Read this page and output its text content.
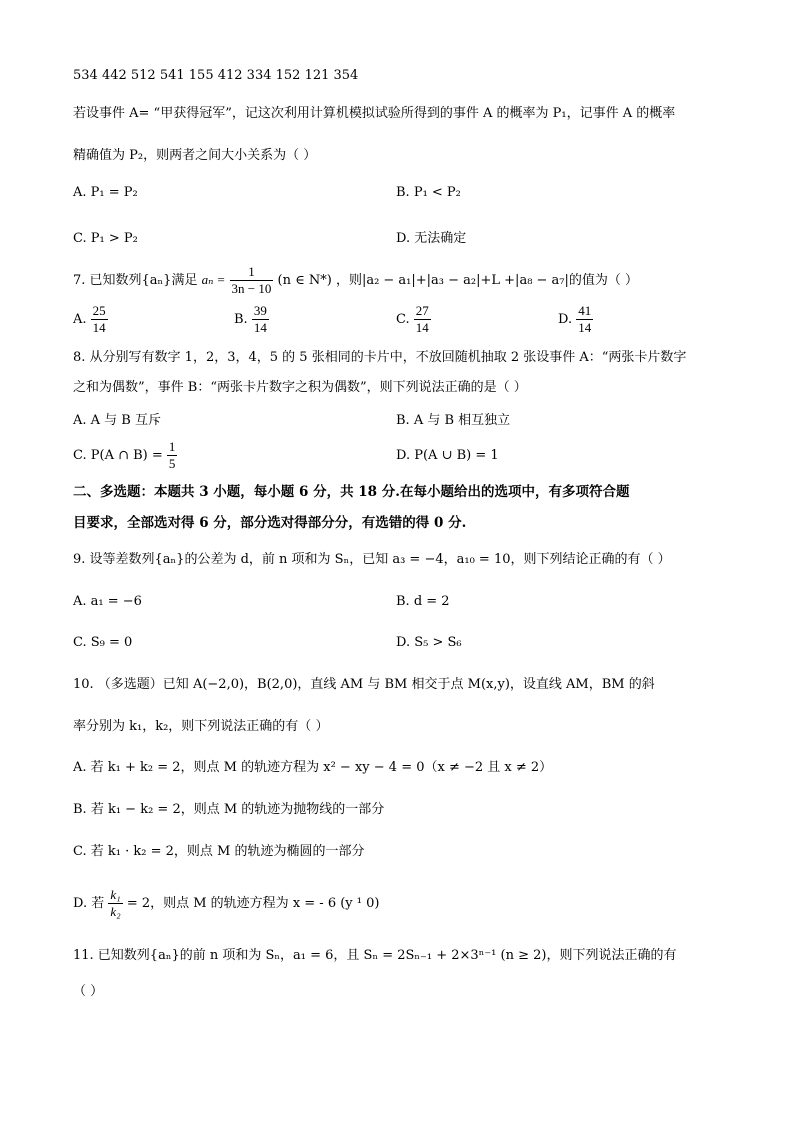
534 442 512 541 155 412 334 152 121 354
若设事件 A= “甲获得冠军”，记这次利用计算机模拟试验所得到的事件 A 的概率为 P₁，记事件 A 的概率
精确值为 P₂，则两者之间大小关系为（ ）
A. P₁ = P₂	B. P₁ < P₂
C. P₁ > P₂	D. 无法确定
7. 已知数列{aₙ}满足 $a_n = \frac{1}{3n - 10} (n$ ∈ N*) ，则|a₂ − a₁|+|a₃ − a₂|+L +|a₈ − a₇|的值为（ ）
A. $\frac{25}{14}$	B. $\frac{39}{14}$	C. $\frac{27}{14}$	D. $\frac{41}{14}$
8. 从分别写有数字 1，2，3，4，5 的 5 张相同的卡片中，不放回随机抽取 2 张设事件 A：“两张卡片数字
之和为偶数”，事件 B：“两张卡片数字之积为偶数”，则下列说法正确的是（ ）
A. A 与 B 互斥	B. A 与 B 相互独立
C. P(A ∩ $B) = \frac{1}{5}$	D. P(A ∪ B) = 1
二、多选题：本题共 3 小题，每小题 6 分，共 18 分.在每小题给出的选项中，有多项符合题
目要求，全部选对得 6 分，部分选对得部分分，有选错的得 0 分.
9. 设等差数列{aₙ}的公差为 d，前 n 项和为 Sₙ，已知 a₃ = −4，a₁₀ = 10，则下列结论正确的有（ ）
A. a₁ = −6	B. d = 2
C. S₉ = 0	D. S₅ > S₆
10. （多选题）已知 A(−2,0)，B(2,0)，直线 AM 与 BM 相交于点 M(x,y)，设直线 AM，BM 的斜
率分别为 k₁，k₂，则下列说法正确的有（ ）
A. 若 k₁ + k₂ = 2，则点 M 的轨迹方程为 x² − xy − 4 = 0（x ≠ −2 且 x ≠ 2）
B. 若 k₁ − k₂ = 2，则点 M 的轨迹为抛物线的一部分
C. 若 k₁ · k₂ = 2，则点 M 的轨迹为椭圆的一部分
D. 若 $\frac{\text{k₁}}{\text{k₂}} = 2$，则点 M 的轨迹方程为 x = - 6 (y ¹ 0)
11. 已知数列{aₙ}的前 n 项和为 Sₙ，a₁ = 6，且 Sₙ = 2Sₙ₋₁ + 2×3ⁿ⁻¹ (n ≥ 2)，则下列说法正确的有
（ ）
